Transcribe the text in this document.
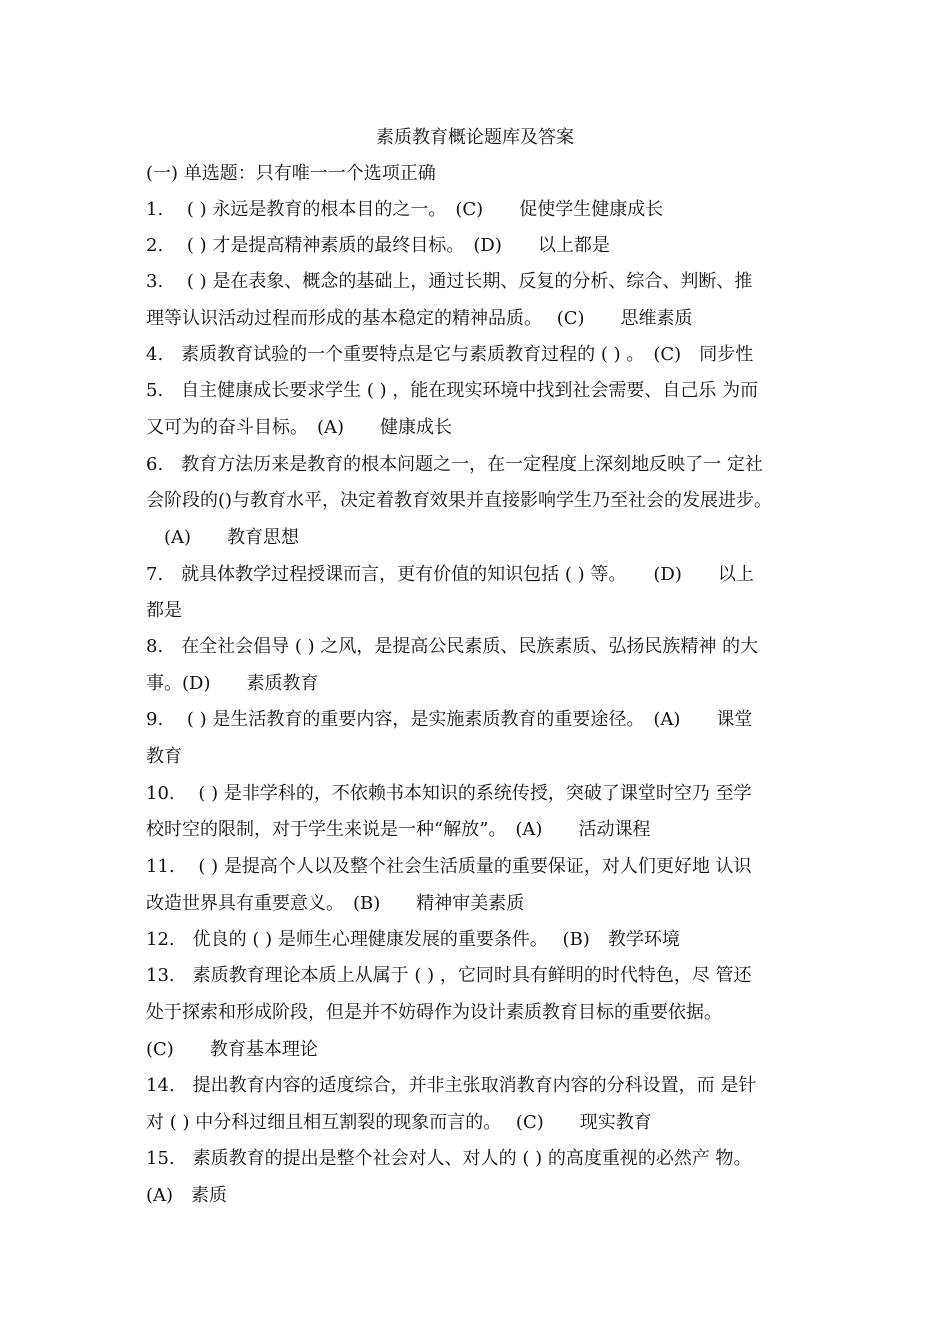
素质教育概论题库及答案
(一) 单选题：只有唯一一个选项正确
1.　 ( ) 永远是教育的根本目的之一。　(C)　　促使学生健康成长
2.　 ( ) 才是提高精神素质的最终目标。　(D)　　以上都是
3.　 ( ) 是在表象、概念的基础上，通过长期、反复的分析、综合、判断、推
理等认识活动过程而形成的基本稳定的精神品质。　 (C)　　思维素质
4.　素质教育试验的一个重要特点是它与素质教育过程的 ( ) 。　(C)　同步性
5.　自主健康成长要求学生 ( ) ，能在现实环境中找到社会需要、自己乐 为而
又可为的奋斗目标。　(A)　　健康成长
6.　教育方法历来是教育的根本问题之一，在一定程度上深刻地反映了一 定社
会阶段的()与教育水平，决定着教育效果并直接影响学生乃至社会的发展进步。
　(A)　　教育思想
7.　就具体教学过程授课而言，更有价值的知识包括 ( ) 等。　　(D)　　以上
都是
8.　在全社会倡导 ( ) 之风，是提高公民素质、民族素质、弘扬民族精神 的大
事。(D)　　素质教育
9.　 ( ) 是生活教育的重要内容，是实施素质教育的重要途径。　(A)　　课堂
教育
10.　 ( ) 是非学科的，不依赖书本知识的系统传授，突破了课堂时空乃 至学
校时空的限制，对于学生来说是一种“解放”。　(A)　　活动课程
11.　 ( ) 是提高个人以及整个社会生活质量的重要保证，对人们更好地 认识
改造世界具有重要意义。　(B)　　精神审美素质
12.　优良的 ( ) 是师生心理健康发展的重要条件。　 (B)　教学环境
13.　素质教育理论本质上从属于 ( ) ，它同时具有鲜明的时代特色，尽 管还
处于探索和形成阶段，但是并不妨碍作为设计素质教育目标的重要依据。
(C)　　教育基本理论
14.　提出教育内容的适度综合，并非主张取消教育内容的分科设置，而 是针
对 ( ) 中分科过细且相互割裂的现象而言的。　 (C)　　现实教育
15.　素质教育的提出是整个社会对人、对人的 ( ) 的高度重视的必然产 物。
(A)　素质
